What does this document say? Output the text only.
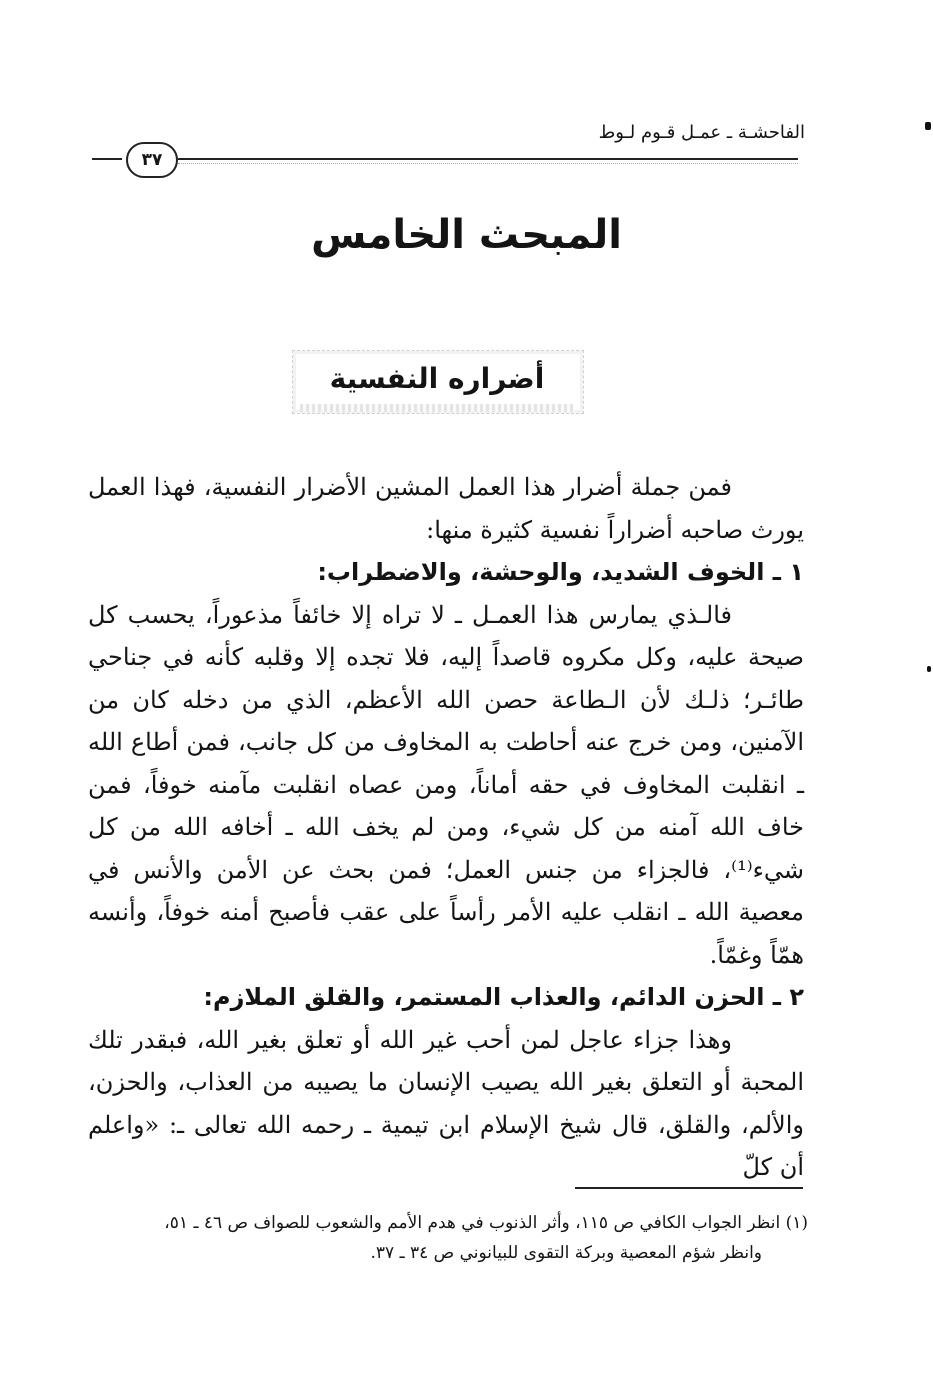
الفاحشـة ـ عمـل قـوم لـوط
٣٧
المبحث الخامس
أضراره النفسية

فمن جملة أضرار هذا العمل المشين الأضرار النفسية، فهذا العمل يورث صاحبه أضراراً نفسية كثيرة منها:

١ ـ الخوف الشديد، والوحشة، والاضطراب:

فالـذي يمارس هذا العمـل ـ لا تراه إلا خائفاً مذعوراً، يحسب كل صيحة عليه، وكل مكروه قاصداً إليه، فلا تجده إلا وقلبه كأنه في جناحي طائـر؛ ذلـك لأن الـطاعة حصن الله الأعظم، الذي من دخله كان من الآمنين، ومن خرج عنه أحاطت به المخاوف من كل جانب، فمن أطاع الله ـ انقلبت المخاوف في حقه أماناً، ومن عصاه انقلبت مآمنه خوفاً، فمن خاف الله آمنه من كل شيء، ومن لم يخف الله ـ أخافه الله من كل شيء⁽¹⁾، فالجزاء من جنس العمل؛ فمن بحث عن الأمن والأنس في معصية الله ـ انقلب عليه الأمر رأساً على عقب فأصبح أمنه خوفاً، وأنسه همّاً وغمّاً.

٢ ـ الحزن الدائم، والعذاب المستمر، والقلق الملازم:

وهذا جزاء عاجل لمن أحب غير الله أو تعلق بغير الله، فبقدر تلك المحبة أو التعلق بغير الله يصيب الإنسان ما يصيبه من العذاب، والحزن، والألم، والقلق، قال شيخ الإسلام ابن تيمية ـ رحمه الله تعالى ـ: «واعلم أن كلّ

(١) انظر الجواب الكافي ص ١١٥، وأثر الذنوب في هدم الأمم والشعوب للصواف ص ٤٦ ـ ٥١،

وانظر شؤم المعصية وبركة التقوى للبيانوني ص ٣٤ ـ ٣٧.
